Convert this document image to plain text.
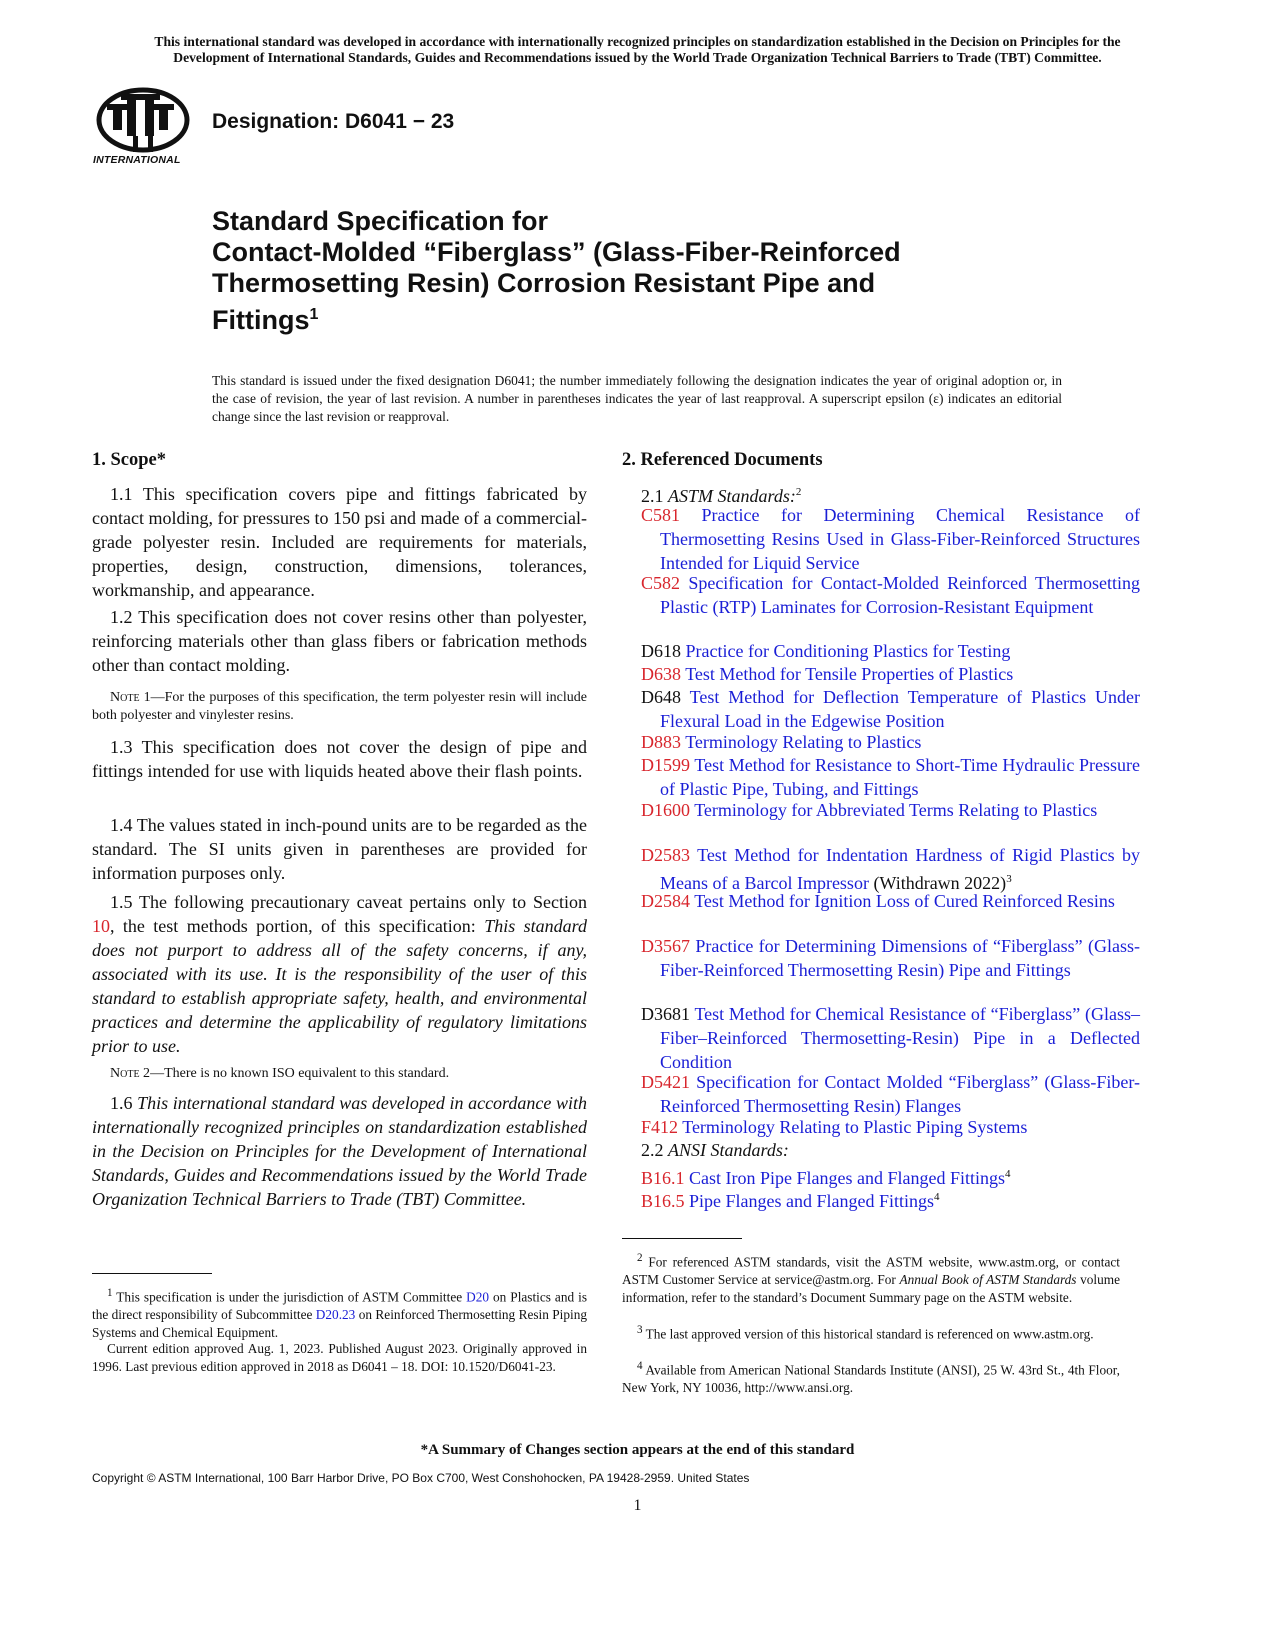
This international standard was developed in accordance with internationally recognized principles on standardization established in the Decision on Principles for the
Development of International Standards, Guides and Recommendations issued by the World Trade Organization Technical Barriers to Trade (TBT) Committee.
INTERNATIONAL
Designation: D6041 − 23
Standard Specification for
Contact-Molded “Fiberglass” (Glass-Fiber-Reinforced
Thermosetting Resin) Corrosion Resistant Pipe and
Fittings$^1$
This standard is issued under the fixed designation D6041; the number immediately following the designation indicates the year of original adoption or, in the case of revision, the year of last revision. A number in parentheses indicates the year of last reapproval. A superscript epsilon (ε) indicates an editorial change since the last revision or reapproval.
1. Scope*

1.1 This specification covers pipe and fittings fabricated by contact molding, for pressures to 150 psi and made of a commercial-grade polyester resin. Included are requirements for materials, properties, design, construction, dimensions, tolerances, workmanship, and appearance.

1.2 This specification does not cover resins other than polyester, reinforcing materials other than glass fibers or fabrication methods other than contact molding.

Note 1—For the purposes of this specification, the term polyester resin will include both polyester and vinylester resins.

1.3 This specification does not cover the design of pipe and fittings intended for use with liquids heated above their flash points.

1.4 The values stated in inch-pound units are to be regarded as the standard. The SI units given in parentheses are provided for information purposes only.

1.5 The following precautionary caveat pertains only to Section 10, the test methods portion, of this specification: This standard does not purport to address all of the safety concerns, if any, associated with its use. It is the responsibility of the user of this standard to establish appropriate safety, health, and environmental practices and determine the applicability of regulatory limitations prior to use.

Note 2—There is no known ISO equivalent to this standard.

1.6 This international standard was developed in accordance with internationally recognized principles on standardization established in the Decision on Principles for the Development of International Standards, Guides and Recommendations issued by the World Trade Organization Technical Barriers to Trade (TBT) Committee.

$^1$ This specification is under the jurisdiction of ASTM Committee D20 on Plastics and is the direct responsibility of Subcommittee D20.23 on Reinforced Thermosetting Resin Piping Systems and Chemical Equipment.

Current edition approved Aug. 1, 2023. Published August 2023. Originally approved in 1996. Last previous edition approved in 2018 as D6041 – 18. DOI: 10.1520/D6041-23.

2. Referenced Documents
2.1 ASTM Standards:$^2$
C581 Practice for Determining Chemical Resistance of Thermosetting Resins Used in Glass-Fiber-Reinforced Structures Intended for Liquid Service
C582 Specification for Contact-Molded Reinforced Thermosetting Plastic (RTP) Laminates for Corrosion-Resistant Equipment
D618 Practice for Conditioning Plastics for Testing
D638 Test Method for Tensile Properties of Plastics
D648 Test Method for Deflection Temperature of Plastics Under Flexural Load in the Edgewise Position
D883 Terminology Relating to Plastics
D1599 Test Method for Resistance to Short-Time Hydraulic Pressure of Plastic Pipe, Tubing, and Fittings
D1600 Terminology for Abbreviated Terms Relating to Plastics
D2583 Test Method for Indentation Hardness of Rigid Plastics by Means of a Barcol Impressor (Withdrawn 2022)$^3$
D2584 Test Method for Ignition Loss of Cured Reinforced Resins
D3567 Practice for Determining Dimensions of “Fiberglass” (Glass-Fiber-Reinforced Thermosetting Resin) Pipe and Fittings
D3681 Test Method for Chemical Resistance of “Fiberglass” (Glass–Fiber–Reinforced Thermosetting-Resin) Pipe in a Deflected Condition
D5421 Specification for Contact Molded “Fiberglass” (Glass-Fiber-Reinforced Thermosetting Resin) Flanges
F412 Terminology Relating to Plastic Piping Systems
2.2 ANSI Standards:
B16.1 Cast Iron Pipe Flanges and Flanged Fittings$^4$
B16.5 Pipe Flanges and Flanged Fittings$^4$

$^2$ For referenced ASTM standards, visit the ASTM website, www.astm.org, or contact ASTM Customer Service at service@astm.org. For Annual Book of ASTM Standards volume information, refer to the standard’s Document Summary page on the ASTM website.

$^3$ The last approved version of this historical standard is referenced on www.astm.org.

$^4$ Available from American National Standards Institute (ANSI), 25 W. 43rd St., 4th Floor, New York, NY 10036, http://www.ansi.org.

*A Summary of Changes section appears at the end of this standard
Copyright © ASTM International, 100 Barr Harbor Drive, PO Box C700, West Conshohocken, PA 19428-2959. United States
1
